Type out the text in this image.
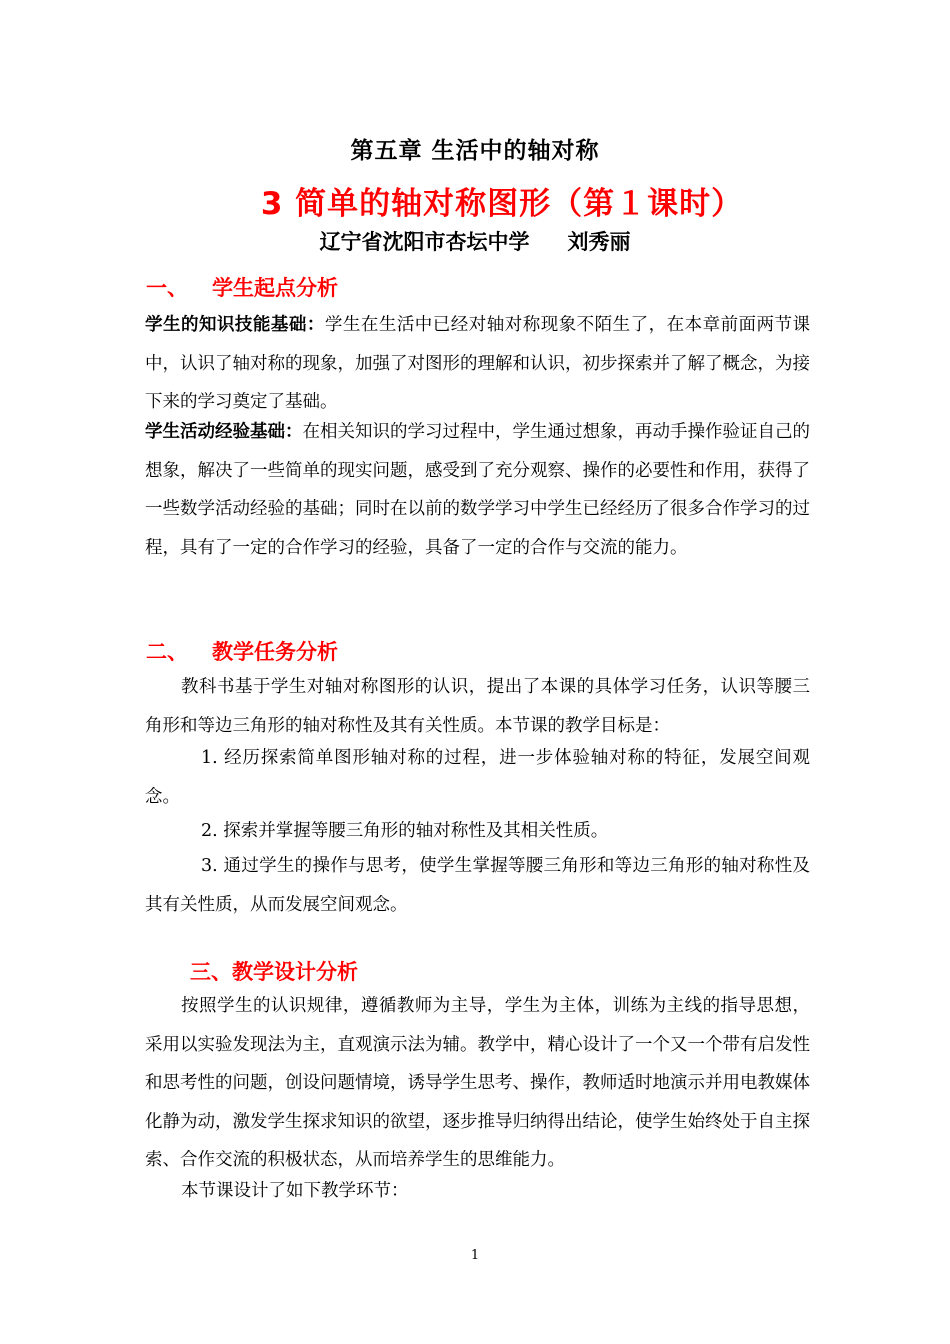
第五章 生活中的轴对称
3 简单的轴对称图形（第１课时）
辽宁省沈阳市杏坛中学 刘秀丽
一、 学生起点分析
学生的知识技能基础：学生在生活中已经对轴对称现象不陌生了，在本章前面两节课中，认识了轴对称的现象，加强了对图形的理解和认识，初步探索并了解了概念，为接下来的学习奠定了基础。
学生活动经验基础：在相关知识的学习过程中，学生通过想象，再动手操作验证自己的想象，解决了一些简单的现实问题，感受到了充分观察、操作的必要性和作用，获得了一些数学活动经验的基础；同时在以前的数学学习中学生已经经历了很多合作学习的过程，具有了一定的合作学习的经验，具备了一定的合作与交流的能力。
二、 教学任务分析
教科书基于学生对轴对称图形的认识，提出了本课的具体学习任务，认识等腰三角形和等边三角形的轴对称性及其有关性质。本节课的教学目标是：
1. 经历探索简单图形轴对称的过程，进一步体验轴对称的特征，发展空间观念。
2. 探索并掌握等腰三角形的轴对称性及其相关性质。
3. 通过学生的操作与思考，使学生掌握等腰三角形和等边三角形的轴对称性及其有关性质，从而发展空间观念。
三、教学设计分析
按照学生的认识规律，遵循教师为主导，学生为主体，训练为主线的指导思想，采用以实验发现法为主，直观演示法为辅。教学中，精心设计了一个又一个带有启发性和思考性的问题，创设问题情境，诱导学生思考、操作，教师适时地演示并用电教媒体化静为动，激发学生探求知识的欲望，逐步推导归纳得出结论，使学生始终处于自主探索、合作交流的积极状态，从而培养学生的思维能力。
本节课设计了如下教学环节：
1
